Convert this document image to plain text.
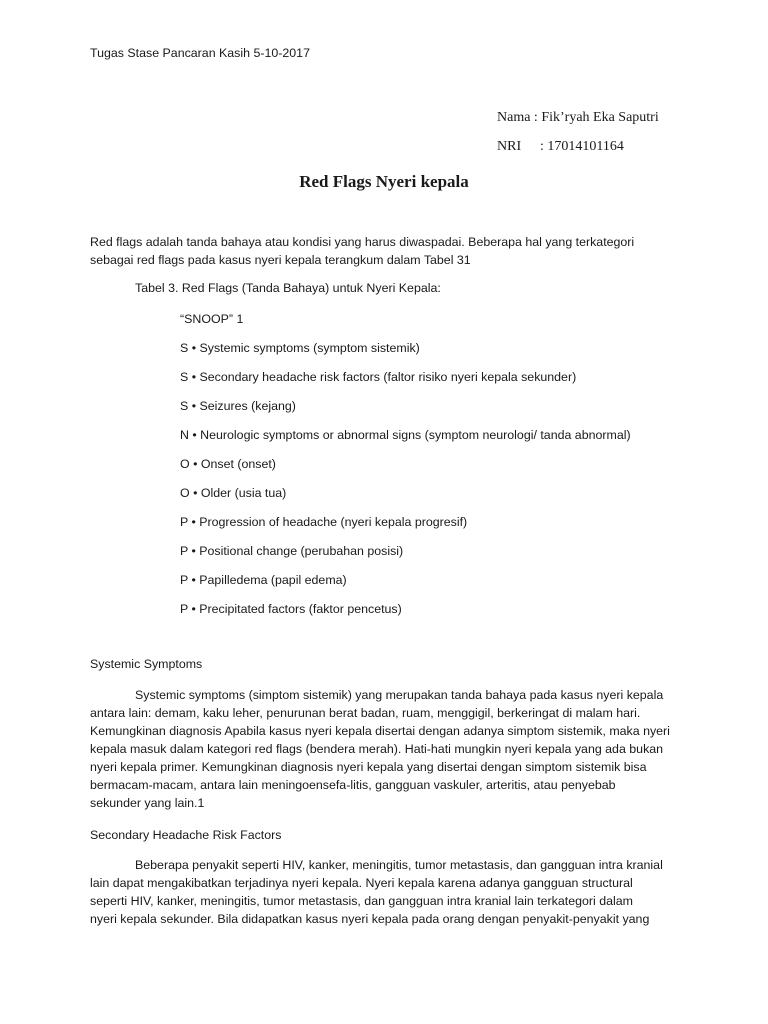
Tugas Stase Pancaran Kasih 5-10-2017
Nama : Fik’ryah Eka Saputri
NRI : 17014101164
Red Flags Nyeri kepala
Red flags adalah tanda bahaya atau kondisi yang harus diwaspadai. Beberapa hal yang terkategori
sebagai red flags pada kasus nyeri kepala terangkum dalam Tabel 31
Tabel 3. Red Flags (Tanda Bahaya) untuk Nyeri Kepala:
“SNOOP” 1
S • Systemic symptoms (symptom sistemik)
S • Secondary headache risk factors (faltor risiko nyeri kepala sekunder)
S • Seizures (kejang)
N • Neurologic symptoms or abnormal signs (symptom neurologi/ tanda abnormal)
O • Onset (onset)
O • Older (usia tua)
P • Progression of headache (nyeri kepala progresif)
P • Positional change (perubahan posisi)
P • Papilledema (papil edema)
P • Precipitated factors (faktor pencetus)
Systemic Symptoms
Systemic symptoms (simptom sistemik) yang merupakan tanda bahaya pada kasus nyeri kepala
antara lain: demam, kaku leher, penurunan berat badan, ruam, menggigil, berkeringat di malam hari.
Kemungkinan diagnosis Apabila kasus nyeri kepala disertai dengan adanya simptom sistemik, maka nyeri
kepala masuk dalam kategori red flags (bendera merah). Hati-hati mungkin nyeri kepala yang ada bukan
nyeri kepala primer. Kemungkinan diagnosis nyeri kepala yang disertai dengan simptom sistemik bisa
bermacam-macam, antara lain meningoensefa-litis, gangguan vaskuler, arteritis, atau penyebab
sekunder yang lain.1
Secondary Headache Risk Factors
Beberapa penyakit seperti HIV, kanker, meningitis, tumor metastasis, dan gangguan intra kranial
lain dapat mengakibatkan terjadinya nyeri kepala. Nyeri kepala karena adanya gangguan structural
seperti HIV, kanker, meningitis, tumor metastasis, dan gangguan intra kranial lain terkategori dalam
nyeri kepala sekunder. Bila didapatkan kasus nyeri kepala pada orang dengan penyakit-penyakit yang
